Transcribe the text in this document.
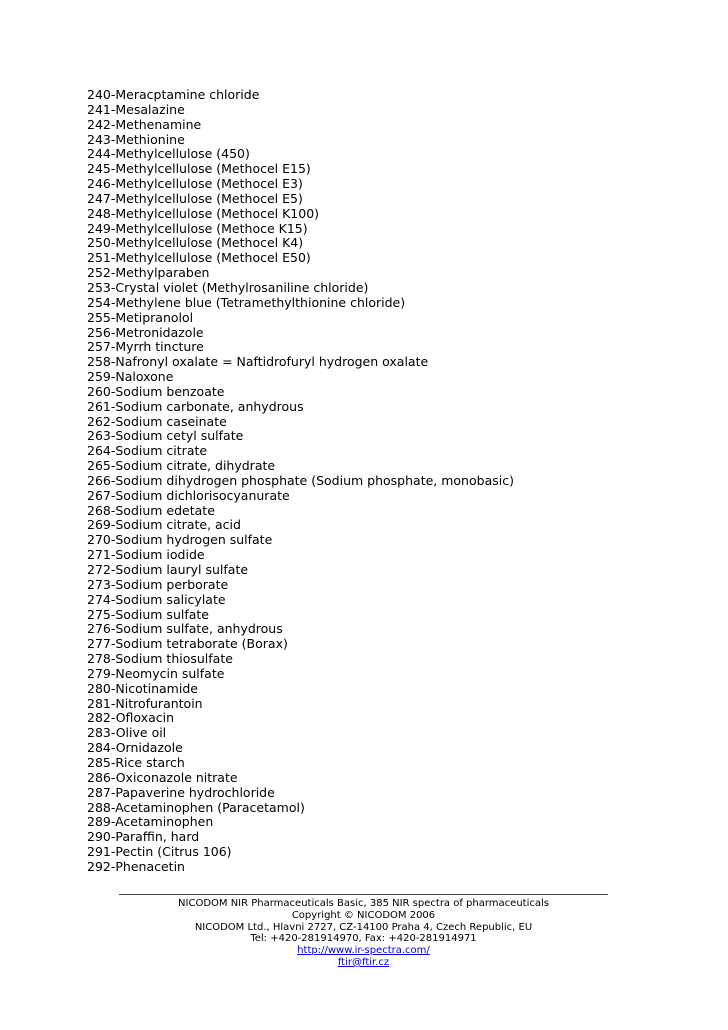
240-Meracptamine chloride
241-Mesalazine
242-Methenamine
243-Methionine
244-Methylcellulose (450)
245-Methylcellulose (Methocel E15)
246-Methylcellulose (Methocel E3)
247-Methylcellulose (Methocel E5)
248-Methylcellulose (Methocel K100)
249-Methylcellulose (Methoce K15)
250-Methylcellulose (Methocel K4)
251-Methylcellulose (Methocel E50)
252-Methylparaben
253-Crystal violet (Methylrosaniline chloride)
254-Methylene blue (Tetramethylthionine chloride)
255-Metipranolol
256-Metronidazole
257-Myrrh tincture
258-Nafronyl oxalate = Naftidrofuryl hydrogen oxalate
259-Naloxone
260-Sodium benzoate
261-Sodium carbonate, anhydrous
262-Sodium caseinate
263-Sodium cetyl sulfate
264-Sodium citrate
265-Sodium citrate, dihydrate
266-Sodium dihydrogen phosphate (Sodium phosphate, monobasic)
267-Sodium dichlorisocyanurate
268-Sodium edetate
269-Sodium citrate, acid
270-Sodium hydrogen sulfate
271-Sodium iodide
272-Sodium lauryl sulfate
273-Sodium perborate
274-Sodium salicylate
275-Sodium sulfate
276-Sodium sulfate, anhydrous
277-Sodium tetraborate (Borax)
278-Sodium thiosulfate
279-Neomycin sulfate
280-Nicotinamide
281-Nitrofurantoin
282-Ofloxacin
283-Olive oil
284-Ornidazole
285-Rice starch
286-Oxiconazole nitrate
287-Papaverine hydrochloride
288-Acetaminophen (Paracetamol)
289-Acetaminophen
290-Paraffin, hard
291-Pectin (Citrus 106)
292-Phenacetin
NICODOM NIR Pharmaceuticals Basic, 385 NIR spectra of pharmaceuticals
Copyright © NICODOM 2006
NICODOM Ltd., Hlavni 2727, CZ-14100 Praha 4, Czech Republic, EU
Tel: +420-281914970, Fax: +420-281914971
http://www.ir-spectra.com/
ftir@ftir.cz
